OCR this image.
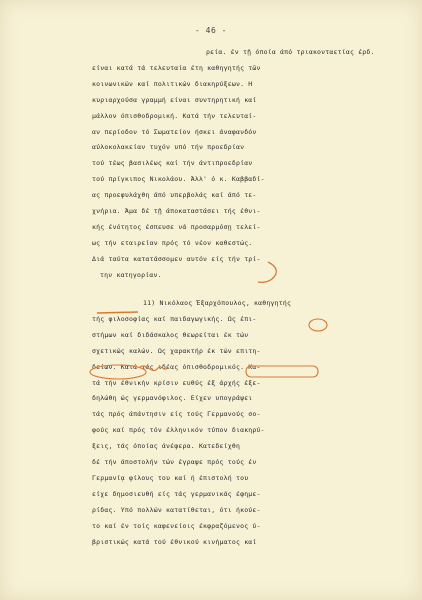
- 46 -
ρεία. έν τῇ όποία άπό τριακονταετίας έρδ.
είναι κατά τά τελευταία έτη καθηγητής τῶν
κοινωνικών καί πολιτικών διακηρύξεων. Η
κυριαρχούσα γραμμή είναι συντηρητική καί
μάλλον όπισθοδρομική. Κατά τήν τελευταί-
αν περίοδον τό Σωματείον ήσκει άναφανδόν
αύλοκολακείαν τυχόν υπό τήν προεδρίαν
τού τέως βασιλέως καί τήν άντιπροεδρίαν
τού πρίγκιπος Νικολάου. Άλλ' ό κ. Καββαδί-
ας προεφυλάχθη άπό υπερβολάς καί άπό τε-
χνήρια. Άμα δέ τῇ άποκαταστάσει τής έθνι-
κής ένότητος έσπευσε νά προσαρμόσῃ τελεί-
ως τήν εταιρείαν πρός τό νέον καθεστώς.
Διά ταύτα κατατάσσομεν αυτόν είς τήν τρί-
την κατηγορίαν.
11) Νικόλαος Έξαρχόπουλος, καθηγητής
τής φιλοσοφίας καί παιδαγωγικής. Ως έπι-
στήμων καί διδάσκαλος θεωρείται έκ τών
σχετικώς καλών. Ως χαρακτήρ έκ τών επιτη-
δείων. Κατά τάς ιδέας όπισθοδρομικός. Κα-
τά τήν έθνικήν κρίσιν ευθύς έξ άρχής έξε-
δηλώθη ώς γερμανόφιλος. Είχεν υπογράψει
τάς πρός άπάντησιν είς τούς Γερμανούς σο-
φούς καί πρός τόν έλληνικόν τύπον διακηρύ-
ξεις, τάς όποίας άνέφερα. Κατεδείχθη
δέ τήν άποστολήν τών έγραψε πρός τούς έν
Γερμανίᾳ φίλους του καί ή έπιστολή του
είχε δημοσιευθή είς τάς γερμανικάς έφημε-
ρίδας. Υπό πολλών κατατίθεται, ότι ήκούε-
το καί έν τοίς καφενείοις έκφραζόμενος ύ-
βριστικώς κατά τού έθνικού κινήματος καί
